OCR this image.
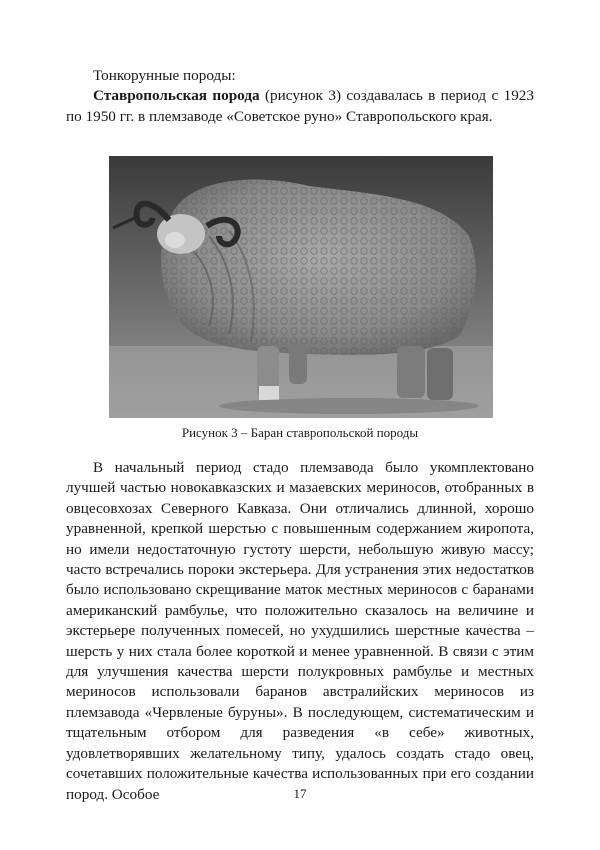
Тонкорунные породы:

Ставропольская порода (рисунок 3) создавалась в период с 1923 по 1950 гг. в племзаводе «Советское руно» Ставропольского края.

Рисунок 3 – Баран ставропольской породы

В начальный период стадо племзавода было укомплектовано лучшей частью новокавказских и мазаевских мериносов, отобранных в овцесовхозах Северного Кавказа. Они отличались длинной, хорошо уравненной, крепкой шерстью с повышенным содержанием жиропота, но имели недостаточную густоту шерсти, небольшую живую массу; часто встречались пороки экстерьера. Для устранения этих недостатков было использовано скрещивание маток местных мериносов с баранами американский рамбулье, что положительно сказалось на величине и экстерьере полученных помесей, но ухудшились шерстные качества – шерсть у них стала более короткой и менее уравненной. В связи с этим для улучшения качества шерсти полукровных рамбулье и местных мериносов использовали баранов австралийских мериносов из племзавода «Червленые буруны». В последующем, систематическим и тщательным отбором для разведения «в себе» животных, удовлетворявших желательному типу, удалось создать стадо овец, сочетавших положительные качества использованных при его создании пород. Особое	17
